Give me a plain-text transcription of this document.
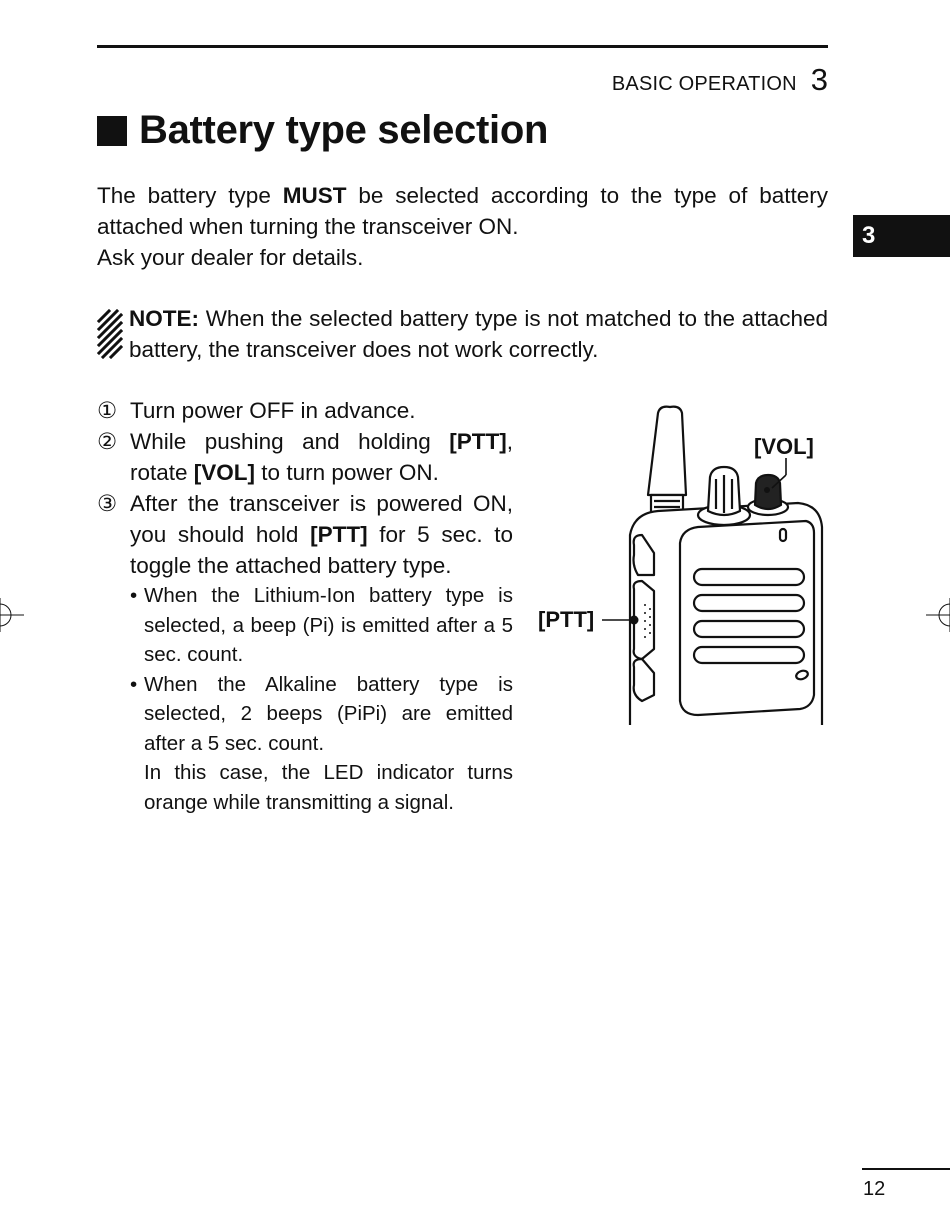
BASIC OPERATION 3
Battery type selection
3

The battery type MUST be selected according to the type of battery attached when turning the transceiver ON.

Ask your dealer for details.

NOTE: When the selected battery type is not matched to the attached battery, the transceiver does not work correctly.

① Turn power OFF in advance.
② While pushing and holding [PTT], rotate [VOL] to turn power ON.
③ After the transceiver is powered ON, you should hold [PTT] for 5 sec. to toggle the attached battery type.
• When the Lithium-Ion battery type is selected, a beep (Pi) is emitted after a 5 sec. count.
• When the Alkaline battery type is selected, 2 beeps (PiPi) are emitted after a 5 sec. count.
In this case, the LED indicator turns orange while transmitting a signal.
[VOL]
[PTT]
12
